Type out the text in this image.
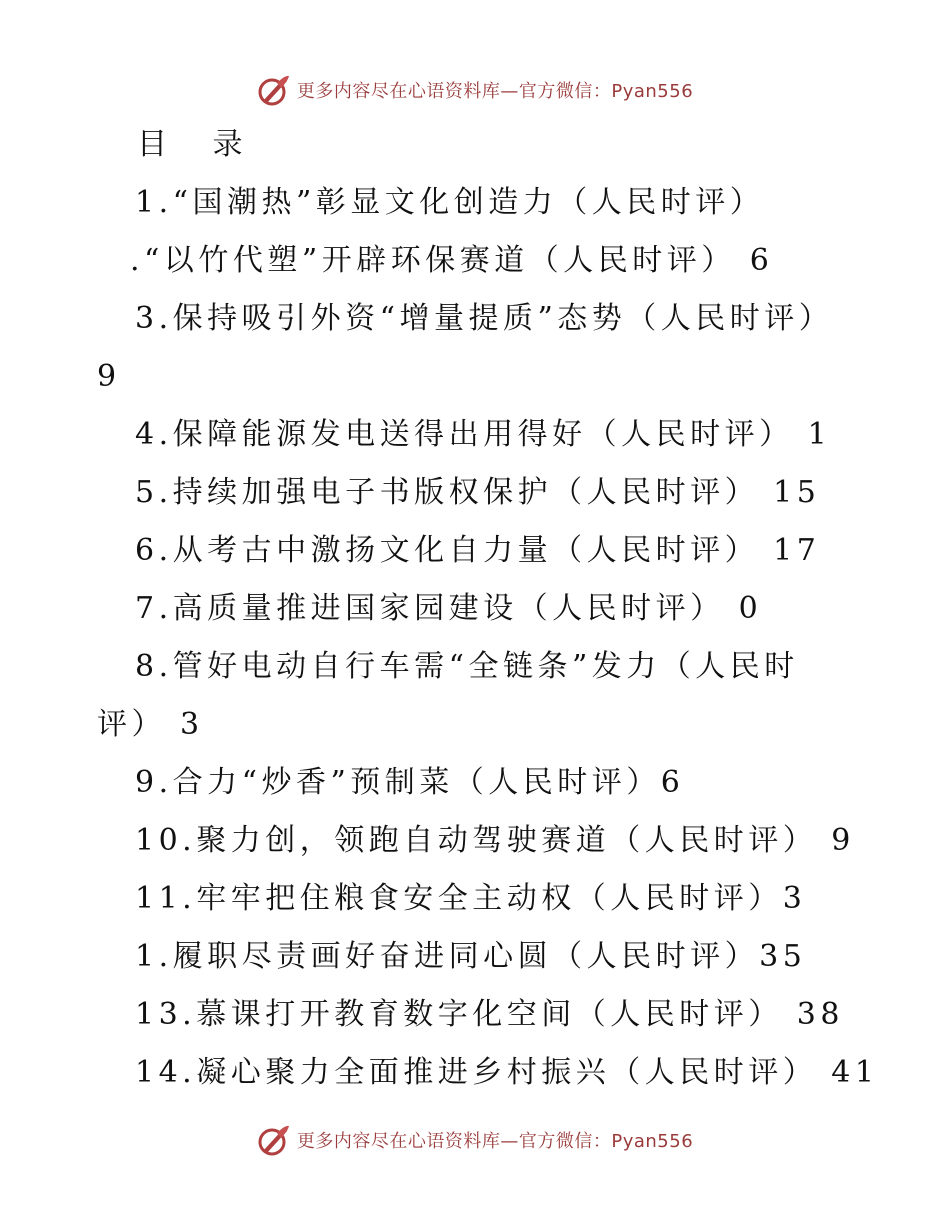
更多内容尽在心语资料库—官方微信：Pyan556
目 录
1.“国潮热”彰显文化创造力（人民时评）
.“以竹代塑”开辟环保赛道（人民时评） 6
3.保持吸引外资“增量提质”态势（人民时评）
9
4.保障能源发电送得出用得好（人民时评） 1
5.持续加强电子书版权保护（人民时评） 15
6.从考古中激扬文化自力量（人民时评） 17
7.高质量推进国家园建设（人民时评） 0
8.管好电动自行车需“全链条”发力（人民时
评） 3
9.合力“炒香”预制菜（人民时评）6
10.聚力创，领跑自动驾驶赛道（人民时评） 9
11.牢牢把住粮食安全主动权（人民时评）3
1.履职尽责画好奋进同心圆（人民时评）35
13.慕课打开教育数字化空间（人民时评） 38
14.凝心聚力全面推进乡村振兴（人民时评） 41
更多内容尽在心语资料库—官方微信：Pyan556
